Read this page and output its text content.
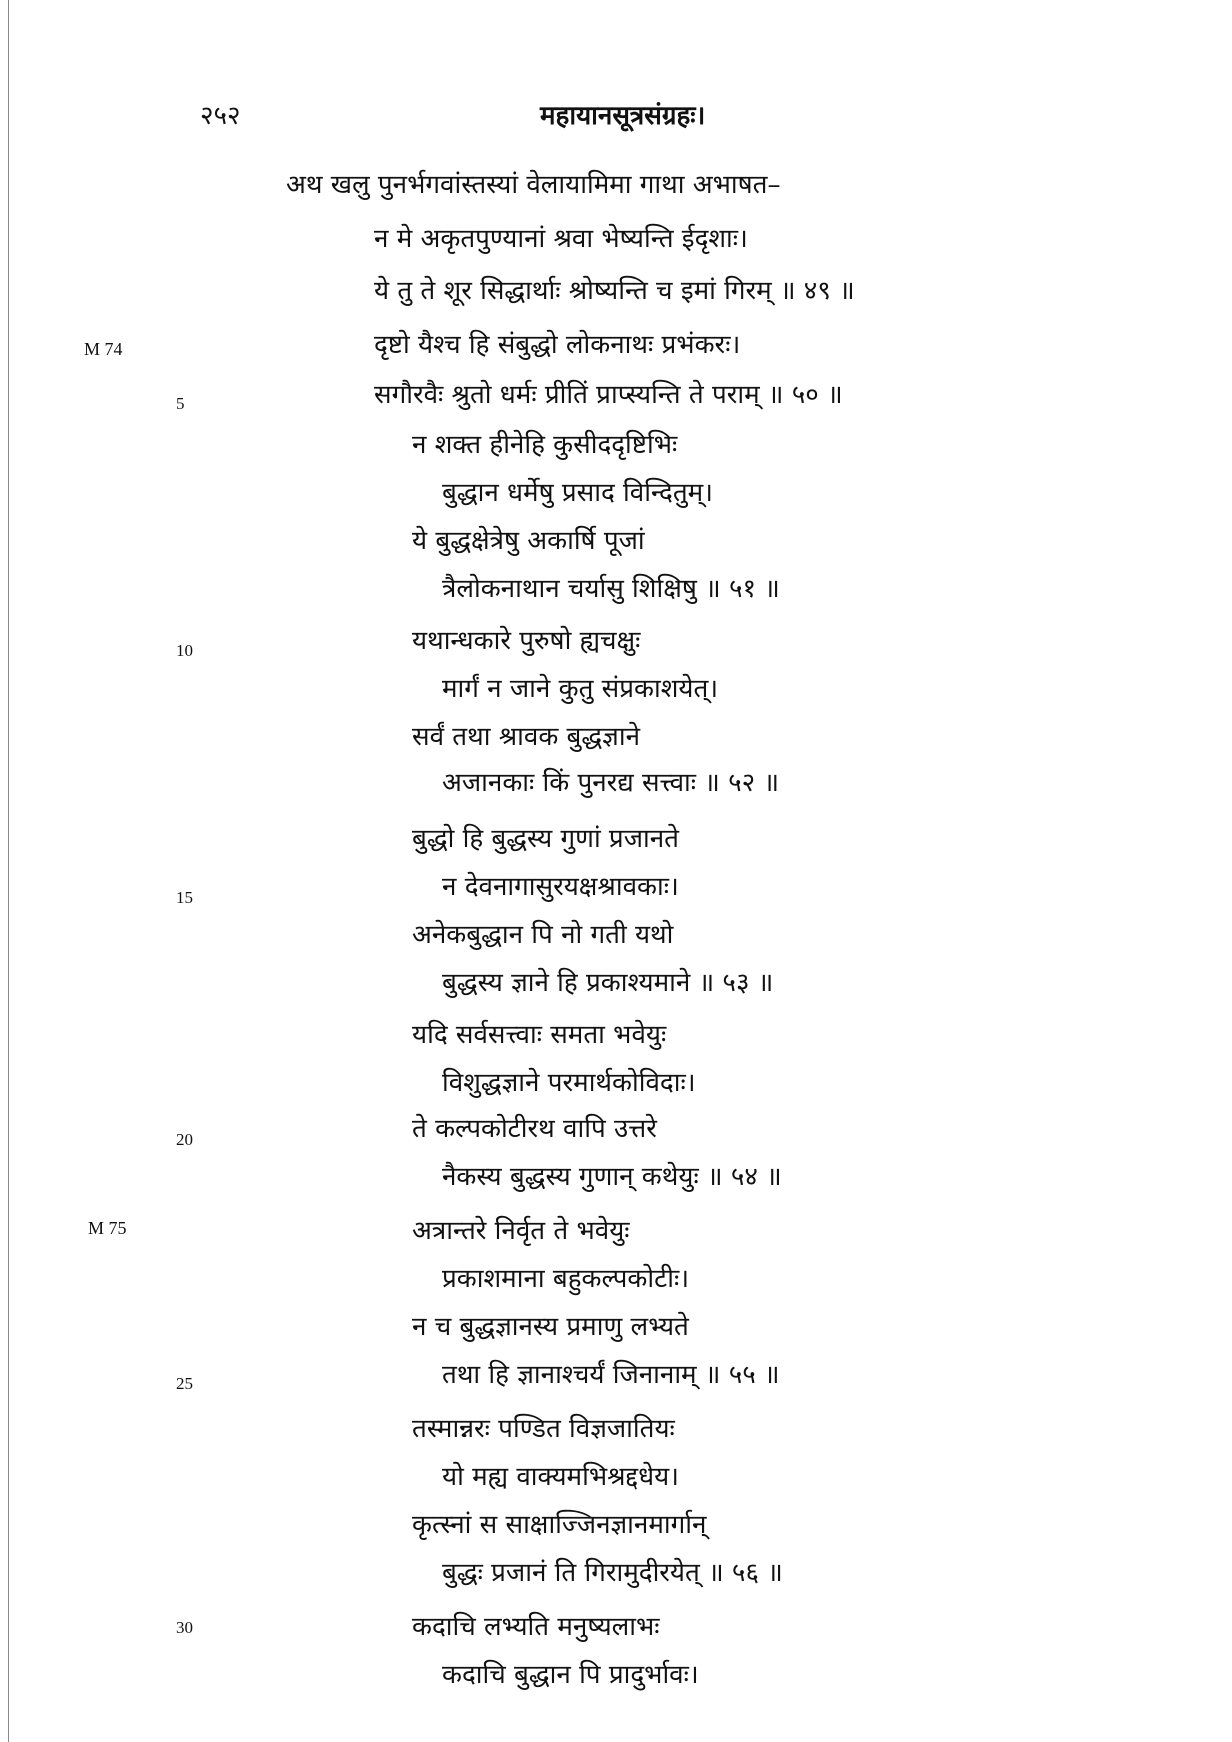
२५२	महायानसूत्रसंग्रहः।
M 74
M 75
5
10
15
20
25
30
अथ खलु पुनर्भगवांस्तस्यां वेलायामिमा गाथा अभाषत–
न मे अकृतपुण्यानां श्रवा भेष्यन्ति ईदृशाः।
ये तु ते शूर सिद्धार्थाः श्रोष्यन्ति च इमां गिरम् ॥ ४९ ॥
दृष्टो यैश्च हि संबुद्धो लोकनाथः प्रभंकरः।
सगौरवैः श्रुतो धर्मः प्रीतिं प्राप्स्यन्ति ते पराम् ॥ ५० ॥
न शक्त हीनेहि कुसीददृष्टिभिः
बुद्धान धर्मेषु प्रसाद विन्दितुम्।
ये बुद्धक्षेत्रेषु अकार्षि पूजां
त्रैलोकनाथान चर्यासु शिक्षिषु ॥ ५१ ॥
यथान्धकारे पुरुषो ह्यचक्षुः
मार्गं न जाने कुतु संप्रकाशयेत्।
सर्वं तथा श्रावक बुद्धज्ञाने
अजानकाः किं पुनरद्य सत्त्वाः ॥ ५२ ॥
बुद्धो हि बुद्धस्य गुणां प्रजानते
न देवनागासुरयक्षश्रावकाः।
अनेकबुद्धान पि नो गती यथो
बुद्धस्य ज्ञाने हि प्रकाश्यमाने ॥ ५३ ॥
यदि सर्वसत्त्वाः समता भवेयुः
विशुद्धज्ञाने परमार्थकोविदाः।
ते कल्पकोटीरथ वापि उत्तरे
नैकस्य बुद्धस्य गुणान् कथेयुः ॥ ५४ ॥
अत्रान्तरे निर्वृत ते भवेयुः
प्रकाशमाना बहुकल्पकोटीः।
न च बुद्धज्ञानस्य प्रमाणु लभ्यते
तथा हि ज्ञानाश्चर्यं जिनानाम् ॥ ५५ ॥
तस्मान्नरः पण्डित विज्ञजातियः
यो मह्य वाक्यमभिश्रद्दधेय।
कृत्स्नां स साक्षाज्जिनज्ञानमार्गान्
बुद्धः प्रजानं ति गिरामुदीरयेत् ॥ ५६ ॥
कदाचि लभ्यति मनुष्यलाभः
कदाचि बुद्धान पि प्रादुर्भावः।
